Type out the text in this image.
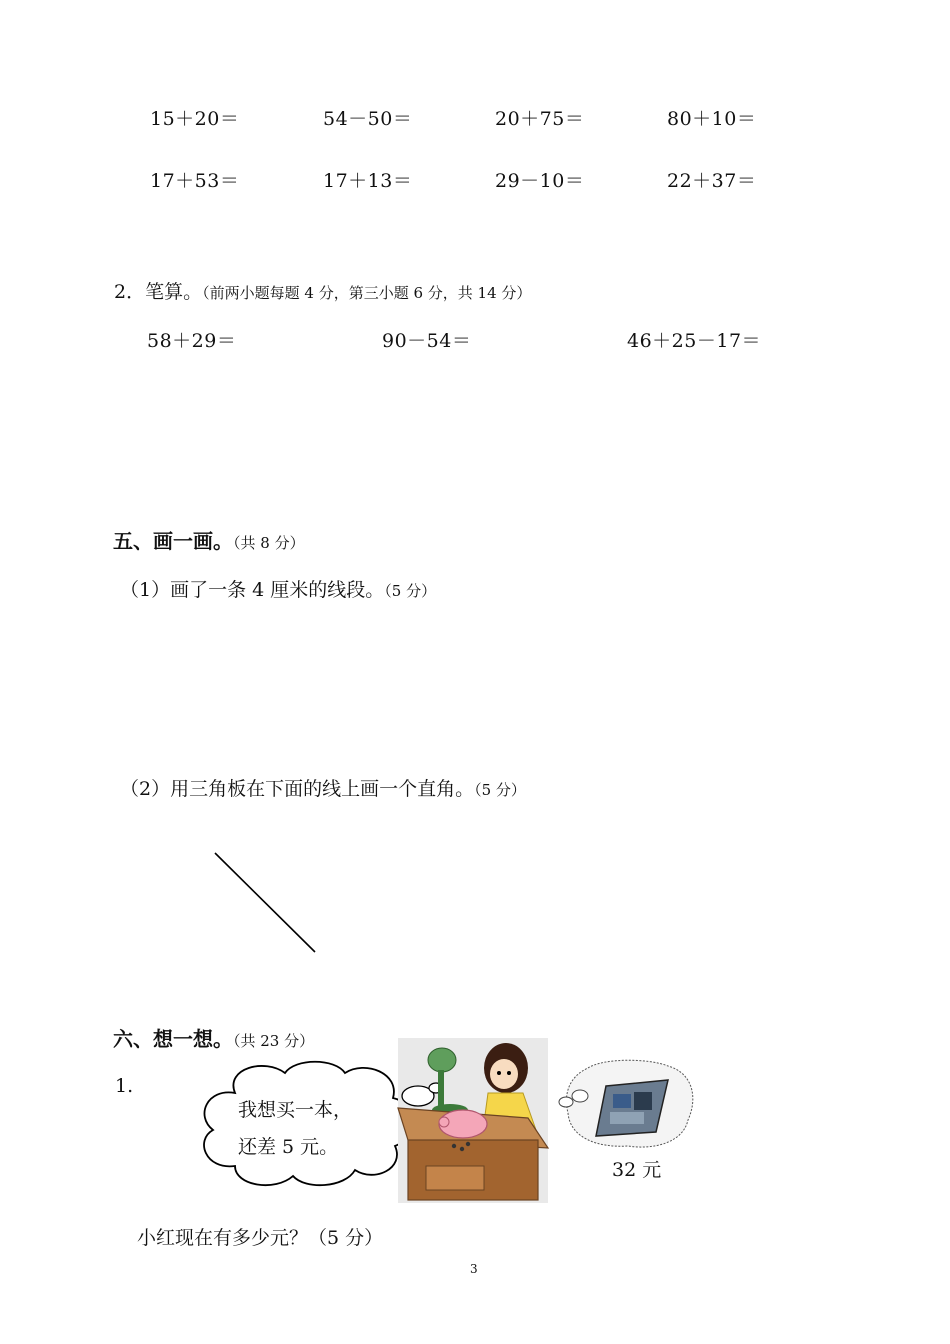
15＋20＝	54－50＝	20＋75＝	80＋10＝
17＋53＝	17＋13＝	29－10＝	22＋37＝
2．笔算。（前两小题每题 4 分，第三小题 6 分，共 14 分）
58＋29＝	90－54＝	46＋25－17＝
五、画一画。（共 8 分）
（1）画了一条 4 厘米的线段。（5 分）
（2）用三角板在下面的线上画一个直角。（5 分）
六、想一想。（共 23 分）
1.
我想买一本，
还差 5 元。
32 元
小红现在有多少元？（5 分）
3
